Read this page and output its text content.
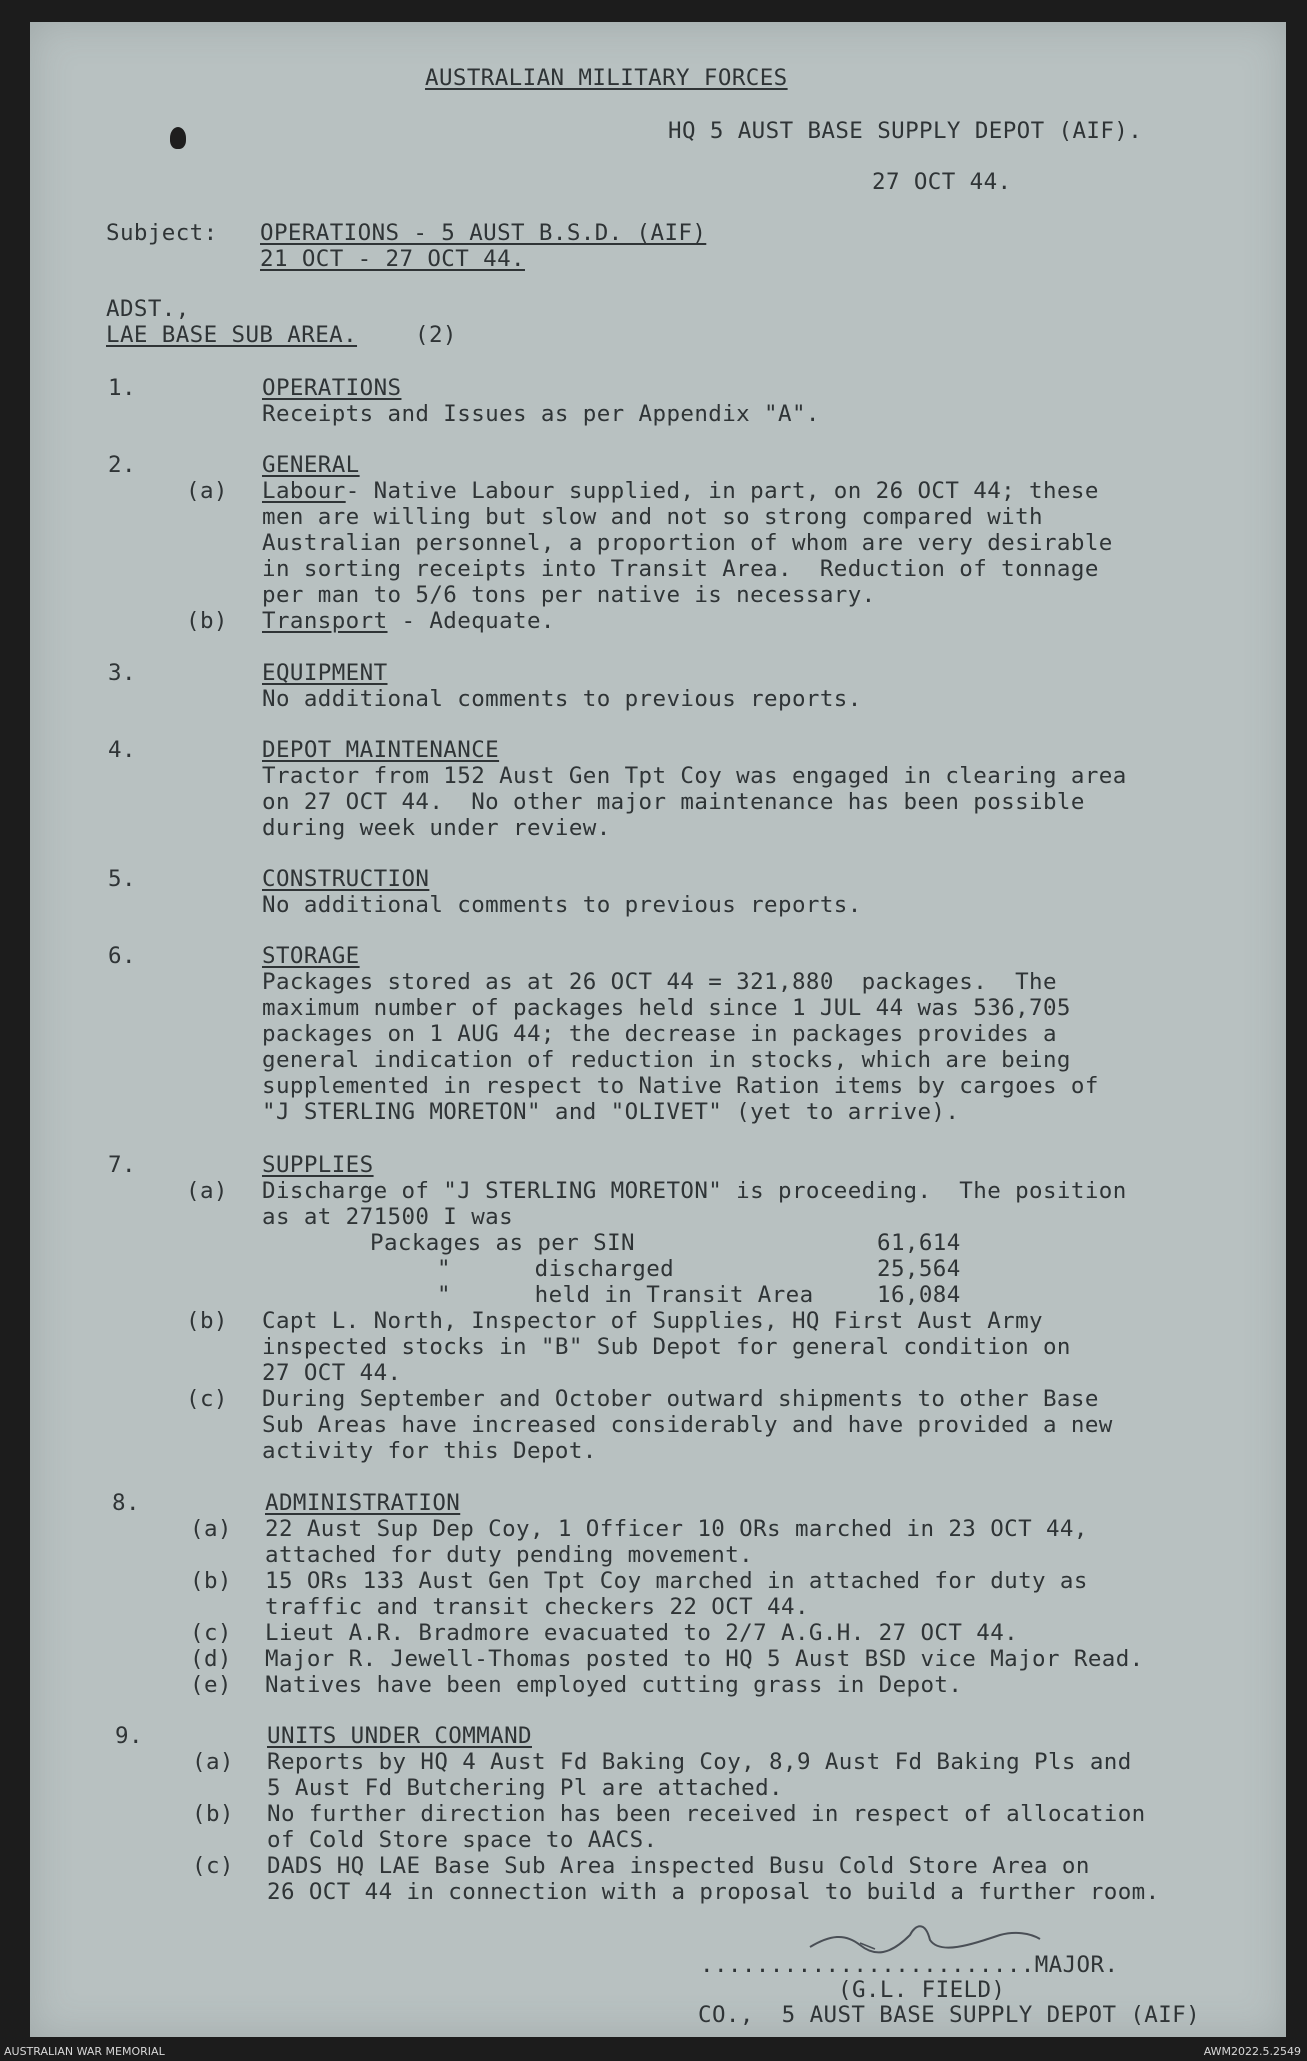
AUSTRALIAN MILITARY FORCES
HQ 5 AUST BASE SUPPLY DEPOT (AIF).
27 OCT 44.
Subject: OPERATIONS - 5 AUST B.S.D. (AIF)
21 OCT - 27 OCT 44.
ADST.,
LAE BASE SUB AREA.	(2)
1.	OPERATIONS
Receipts and Issues as per Appendix "A".
2.	GENERAL
(a) Labour- Native Labour supplied, in part, on 26 OCT 44; these
men are willing but slow and not so strong compared with
Australian personnel, a proportion of whom are very desirable
in sorting receipts into Transit Area.  Reduction of tonnage
per man to 5/6 tons per native is necessary.
(b) Transport - Adequate.
3.	EQUIPMENT
No additional comments to previous reports.
4.	DEPOT MAINTENANCE
Tractor from 152 Aust Gen Tpt Coy was engaged in clearing area
on 27 OCT 44.  No other major maintenance has been possible
during week under review.
5.	CONSTRUCTION
No additional comments to previous reports.
6.	STORAGE
Packages stored as at 26 OCT 44 = 321,880  packages.  The
maximum number of packages held since 1 JUL 44 was 536,705
packages on 1 AUG 44; the decrease in packages provides a
general indication of reduction in stocks, which are being
supplemented in respect to Native Ration items by cargoes of
"J STERLING MORETON" and "OLIVET" (yet to arrive).
7.	SUPPLIES
(a) Discharge of "J STERLING MORETON" is proceeding.  The position
as at 271500 I was
Packages as per SIN	61,614
"      discharged	25,564
"      held in Transit Area	16,084
(b) Capt L. North, Inspector of Supplies, HQ First Aust Army
inspected stocks in "B" Sub Depot for general condition on
27 OCT 44.
(c) During September and October outward shipments to other Base
Sub Areas have increased considerably and have provided a new
activity for this Depot.
8.	ADMINISTRATION
(a) 22 Aust Sup Dep Coy, 1 Officer 10 ORs marched in 23 OCT 44,
attached for duty pending movement.
(b) 15 ORs 133 Aust Gen Tpt Coy marched in attached for duty as
traffic and transit checkers 22 OCT 44.
(c) Lieut A.R. Bradmore evacuated to 2/7 A.G.H. 27 OCT 44.
(d) Major R. Jewell-Thomas posted to HQ 5 Aust BSD vice Major Read.
(e) Natives have been employed cutting grass in Depot.
9.	UNITS UNDER COMMAND
(a) Reports by HQ 4 Aust Fd Baking Coy, 8,9 Aust Fd Baking Pls and
5 Aust Fd Butchering Pl are attached.
(b) No further direction has been received in respect of allocation
of Cold Store space to AACS.
(c) DADS HQ LAE Base Sub Area inspected Busu Cold Store Area on
26 OCT 44 in connection with a proposal to build a further room.
........................MAJOR.
(G.L. FIELD)
CO.,  5 AUST BASE SUPPLY DEPOT (AIF)
AUSTRALIAN WAR MEMORIAL	AWM2022.5.2549
